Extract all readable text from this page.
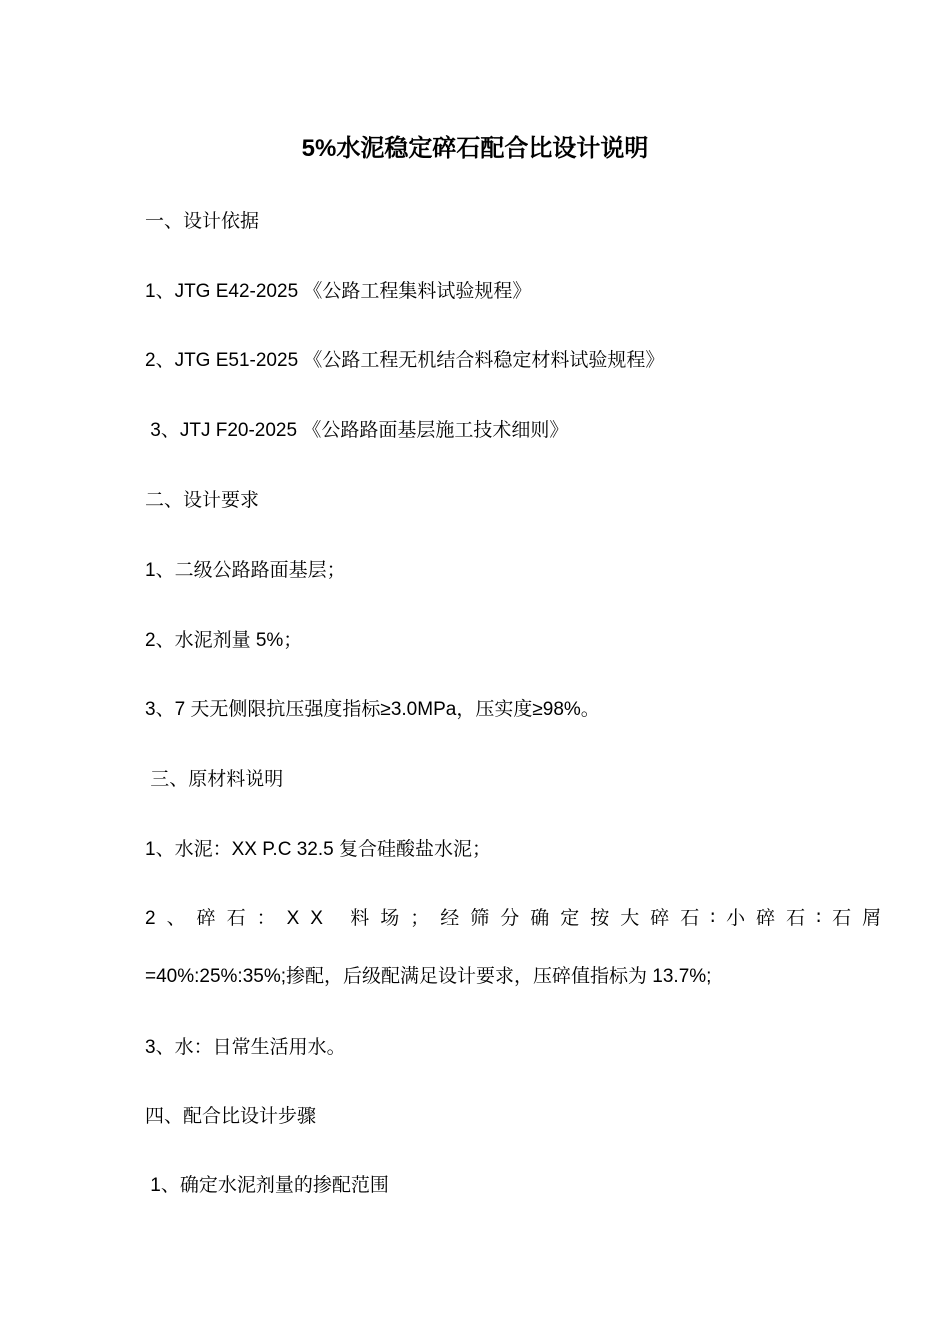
5%水泥稳定碎石配合比设计说明
一、设计依据
1、JTG E42-2025 《公路工程集料试验规程》
2、JTG E51-2025 《公路工程无机结合料稳定材料试验规程》
3、JTJ F20-2025 《公路路面基层施工技术细则》
二、设计要求
1、二级公路路面基层；
2、水泥剂量 5%；
3、7 天无侧限抗压强度指标≥3.0MPa，压实度≥98%。
三、原材料说明
1、水泥：XX P.C 32.5 复合硅酸盐水泥；
2、碎石：XX 料场；经筛分确定按大碎石∶小碎石∶石屑
=40%:25%:35%;掺配，后级配满足设计要求，压碎值指标为 13.7%;
3、水：日常生活用水。
四、配合比设计步骤
1、确定水泥剂量的掺配范围
